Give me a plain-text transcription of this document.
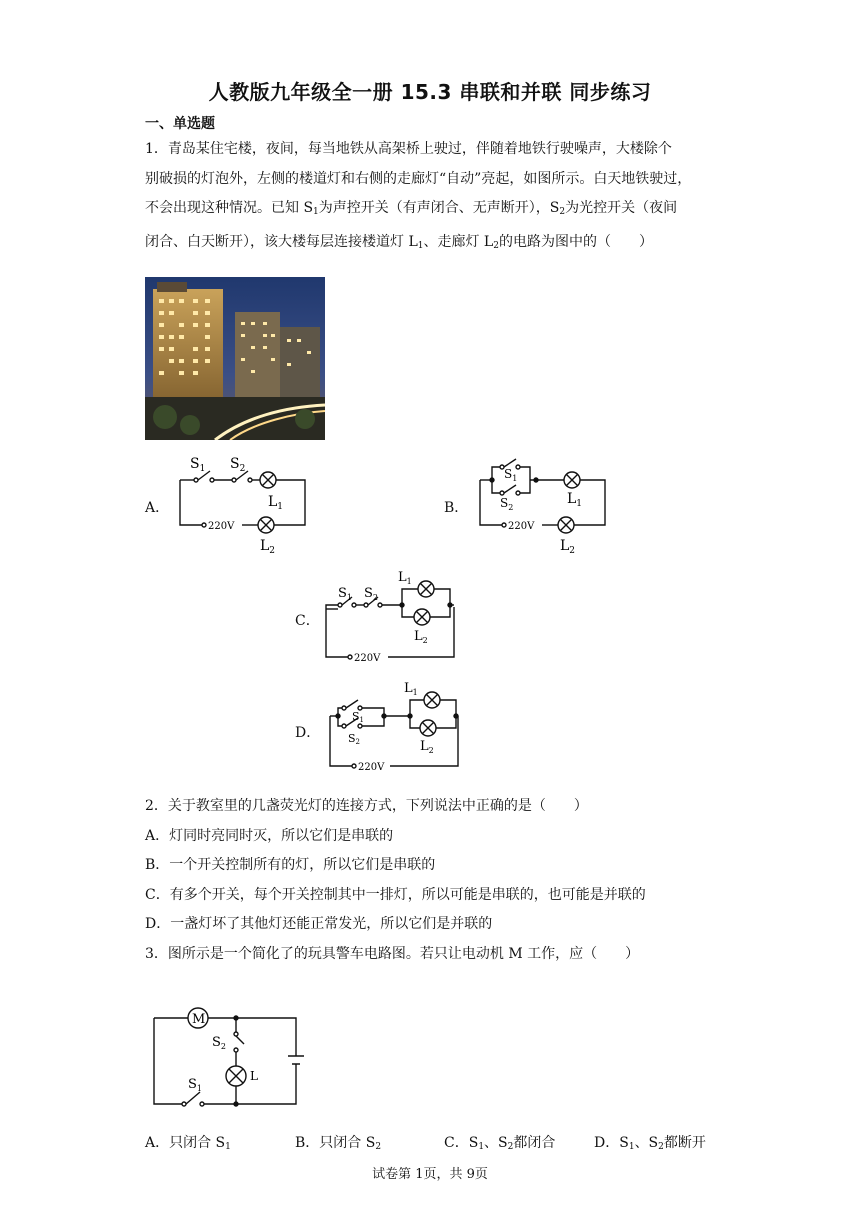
人教版九年级全一册 15.3 串联和并联 同步练习
一、单选题

1．青岛某住宅楼，夜间，每当地铁从高架桥上驶过，伴随着地铁行驶噪声，大楼除个

别破损的灯泡外，左侧的楼道灯和右侧的走廊灯“自动”亮起，如图所示。白天地铁驶过，

不会出现这种情况。已知 $S_1$为声控开关（有声闭合、无声断开），$S_2$为光控开关（夜间

闭合、白天断开），该大楼每层连接楼道灯 $L_1$、走廊灯 $L_2$的电路为图中的（　　）

A．	B．
C．
D．
$S_1$ $S_2$
$L_1$
220V
$L_2$
$S_1$
$S_2$
$L_1$
220V
$L_2$
$S_1$ $S_2$
$L_1$
$L_2$
220V
S1
S2
$L_1$
$L_2$
220V

2．关于教室里的几盏荧光灯的连接方式，下列说法中正确的是（　　）

A．灯同时亮同时灭，所以它们是串联的

B．一个开关控制所有的灯，所以它们是串联的

C．有多个开关，每个开关控制其中一排灯，所以可能是串联的，也可能是并联的

D．一盏灯坏了其他灯还能正常发光，所以它们是并联的

3．图所示是一个简化了的玩具警车电路图。若只让电动机 M 工作，应（　　）

M
$S_2$
L
$S_1$
A．只闭合 $S_1$	B．只闭合 $S_2$	C．$S_1$、$S_2$都闭合	D．$S_1$、$S_2$都断开
试卷第 1页，共 9页
